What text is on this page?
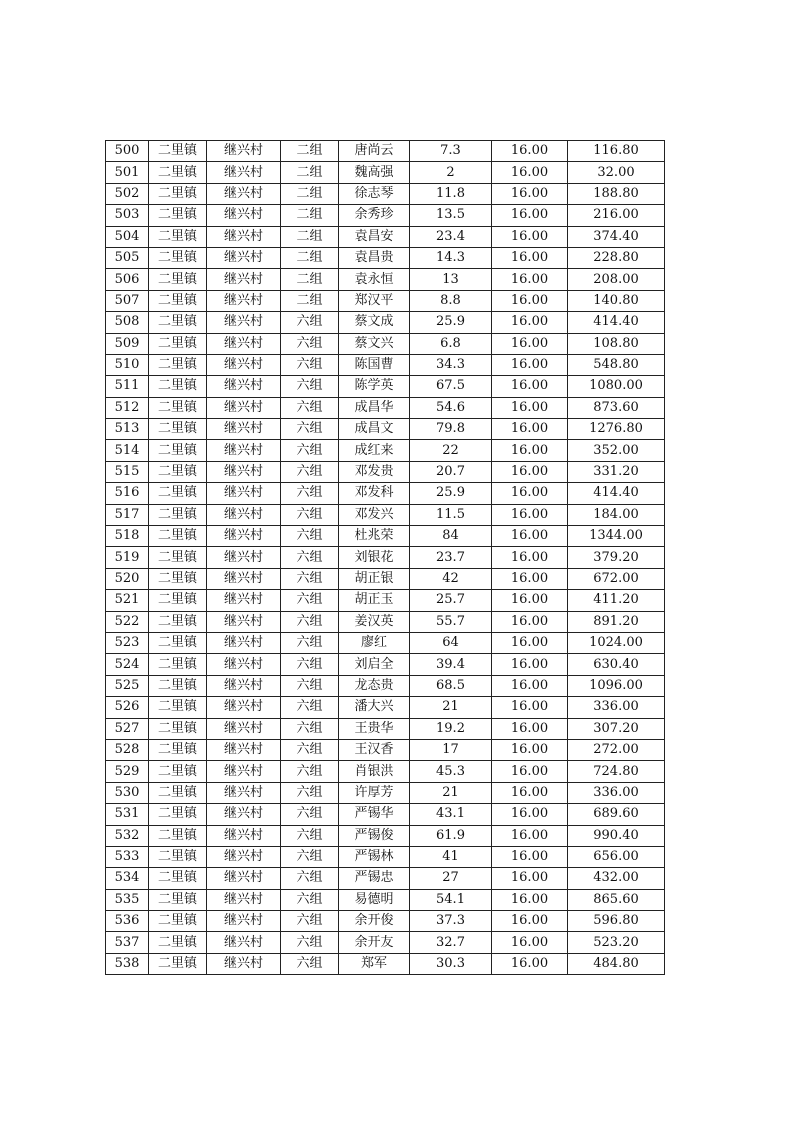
500	二里镇	继兴村	二组	唐尚云	7.3	16.00	116.80
501	二里镇	继兴村	二组	魏高强	2	16.00	32.00
502	二里镇	继兴村	二组	徐志琴	11.8	16.00	188.80
503	二里镇	继兴村	二组	余秀珍	13.5	16.00	216.00
504	二里镇	继兴村	二组	袁昌安	23.4	16.00	374.40
505	二里镇	继兴村	二组	袁昌贵	14.3	16.00	228.80
506	二里镇	继兴村	二组	袁永恒	13	16.00	208.00
507	二里镇	继兴村	二组	郑汉平	8.8	16.00	140.80
508	二里镇	继兴村	六组	蔡文成	25.9	16.00	414.40
509	二里镇	继兴村	六组	蔡文兴	6.8	16.00	108.80
510	二里镇	继兴村	六组	陈国曹	34.3	16.00	548.80
511	二里镇	继兴村	六组	陈学英	67.5	16.00	1080.00
512	二里镇	继兴村	六组	成昌华	54.6	16.00	873.60
513	二里镇	继兴村	六组	成昌文	79.8	16.00	1276.80
514	二里镇	继兴村	六组	成红来	22	16.00	352.00
515	二里镇	继兴村	六组	邓发贵	20.7	16.00	331.20
516	二里镇	继兴村	六组	邓发科	25.9	16.00	414.40
517	二里镇	继兴村	六组	邓发兴	11.5	16.00	184.00
518	二里镇	继兴村	六组	杜兆荣	84	16.00	1344.00
519	二里镇	继兴村	六组	刘银花	23.7	16.00	379.20
520	二里镇	继兴村	六组	胡正银	42	16.00	672.00
521	二里镇	继兴村	六组	胡正玉	25.7	16.00	411.20
522	二里镇	继兴村	六组	姜汉英	55.7	16.00	891.20
523	二里镇	继兴村	六组	廖红	64	16.00	1024.00
524	二里镇	继兴村	六组	刘启全	39.4	16.00	630.40
525	二里镇	继兴村	六组	龙态贵	68.5	16.00	1096.00
526	二里镇	继兴村	六组	潘大兴	21	16.00	336.00
527	二里镇	继兴村	六组	王贵华	19.2	16.00	307.20
528	二里镇	继兴村	六组	王汉香	17	16.00	272.00
529	二里镇	继兴村	六组	肖银洪	45.3	16.00	724.80
530	二里镇	继兴村	六组	许厚芳	21	16.00	336.00
531	二里镇	继兴村	六组	严锡华	43.1	16.00	689.60
532	二里镇	继兴村	六组	严锡俊	61.9	16.00	990.40
533	二里镇	继兴村	六组	严锡林	41	16.00	656.00
534	二里镇	继兴村	六组	严锡忠	27	16.00	432.00
535	二里镇	继兴村	六组	易德明	54.1	16.00	865.60
536	二里镇	继兴村	六组	余开俊	37.3	16.00	596.80
537	二里镇	继兴村	六组	余开友	32.7	16.00	523.20
538	二里镇	继兴村	六组	郑军	30.3	16.00	484.80
